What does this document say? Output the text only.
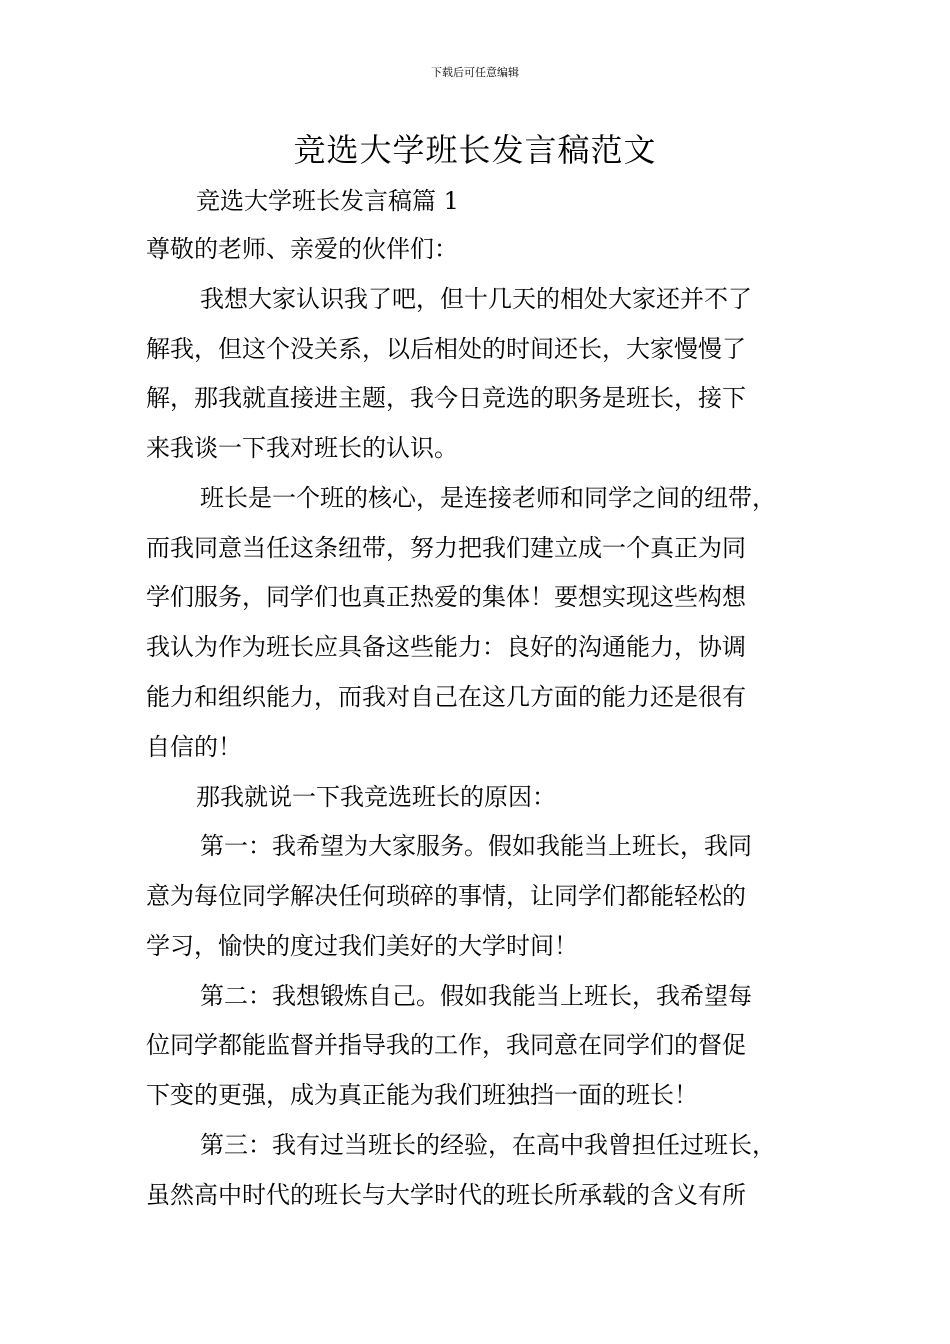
下载后可任意编辑
竞选大学班长发言稿范文
竞选大学班长发言稿篇 1
尊敬的老师、亲爱的伙伴们：
我想大家认识我了吧，但十几天的相处大家还并不了
解我，但这个没关系，以后相处的时间还长，大家慢慢了
解，那我就直接进主题，我今日竞选的职务是班长，接下
来我谈一下我对班长的认识。
班长是一个班的核心，是连接老师和同学之间的纽带，
而我同意当任这条纽带，努力把我们建立成一个真正为同
学们服务，同学们也真正热爱的集体！要想实现这些构想
我认为作为班长应具备这些能力：良好的沟通能力，协调
能力和组织能力，而我对自己在这几方面的能力还是很有
自信的！
那我就说一下我竞选班长的原因：
第一：我希望为大家服务。假如我能当上班长，我同
意为每位同学解决任何琐碎的事情，让同学们都能轻松的
学习，愉快的度过我们美好的大学时间！
第二：我想锻炼自己。假如我能当上班长，我希望每
位同学都能监督并指导我的工作，我同意在同学们的督促
下变的更强，成为真正能为我们班独挡一面的班长！
第三：我有过当班长的经验，在高中我曾担任过班长，
虽然高中时代的班长与大学时代的班长所承载的含义有所
